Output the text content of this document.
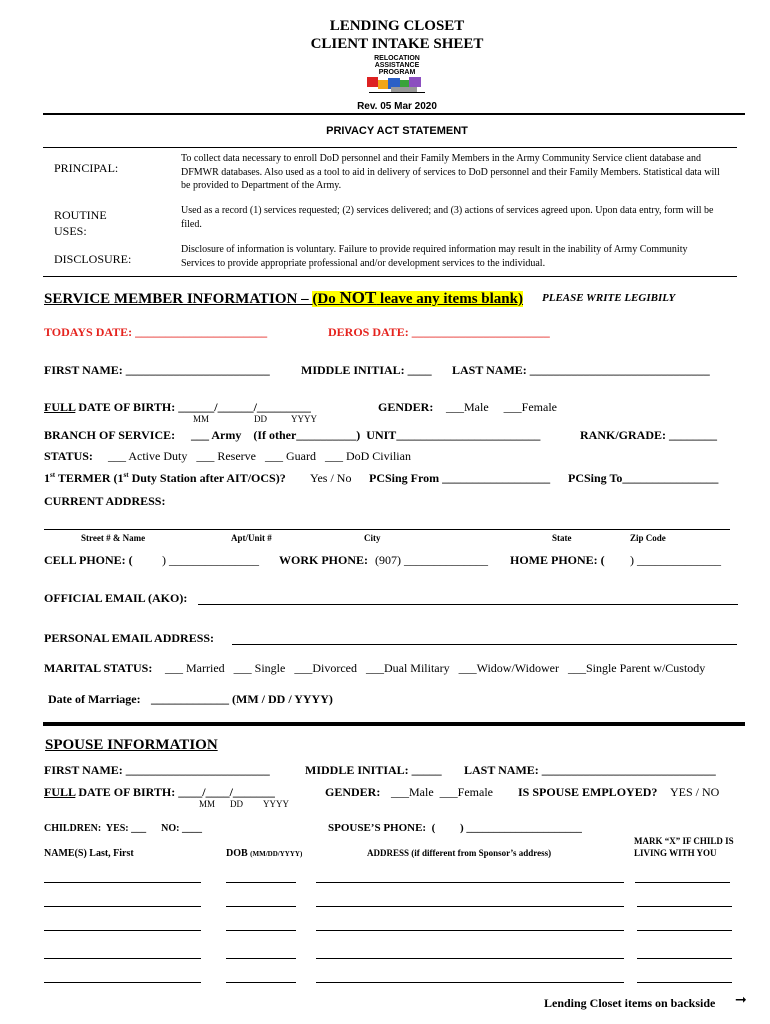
LENDING CLOSET
CLIENT INTAKE SHEET
RELOCATION
ASSISTANCE
PROGRAM
Rev. 05 Mar 2020
PRIVACY ACT STATEMENT
PRINCIPAL:
To collect data necessary to enroll DoD personnel and their Family Members in the Army Community Service client database and DFMWR databases. Also used as a tool to aid in delivery of services to DoD personnel and their Family Members. Statistical data will be provided to Department of the Army.
ROUTINE USES:
Used as a record (1) services requested; (2) services delivered; and (3) actions of services agreed upon. Upon data entry, form will be filed.
DISCLOSURE:
Disclosure of information is voluntary. Failure to provide required information may result in the inability of Army Community Services to provide appropriate professional and/or development services to the individual.
SERVICE MEMBER INFORMATION – (Do NOT leave any items blank) PLEASE WRITE LEGIBILY
TODAYS DATE: ______________________	DEROS DATE: _______________________
FIRST NAME: ________________________	MIDDLE INITIAL: ____ LAST NAME: ______________________________
FULL DATE OF BIRTH: ______/______/_________
MM	DD	YYYY
GENDER: ___Male     ___Female
BRANCH OF SERVICE: ___ Army    (If other__________)  UNIT________________________	RANK/GRADE: ________
STATUS: ___ Active Duty   ___ Reserve   ___ Guard   ___ DoD Civilian
1st TERMER (1st Duty Station after AIT/OCS)? Yes / No PCSing From __________________ PCSing To________________
CURRENT ADDRESS:
Street # & Name	Apt/Unit #	City	State	Zip Code
CELL PHONE: ( ) _______________ WORK PHONE: (907) ______________ HOME PHONE: ( ) ______________
OFFICIAL EMAIL (AKO):
PERSONAL EMAIL ADDRESS:
MARITAL STATUS: ___ Married   ___ Single   ___Divorced   ___Dual Military   ___Widow/Widower   ___Single Parent w/Custody
Date of Marriage: _____________ (MM / DD / YYYY)
SPOUSE INFORMATION
FIRST NAME: ________________________	MIDDLE INITIAL: _____ LAST NAME: _____________________________
FULL DATE OF BIRTH: ____/____/_______
MM DD YYYY
GENDER: ___Male  ___Female IS SPOUSE EMPLOYED? YES / NO
CHILDREN:  YES: ___      NO: ____	SPOUSE’S PHONE:  (         ) _____________________
MARK “X” IF CHILD IS
LIVING WITH YOU
NAME(S) Last, First	DOB (MM/DD/YYYY)	ADDRESS (if different from Sponsor’s address)
Lending Closet items on backside ➞
